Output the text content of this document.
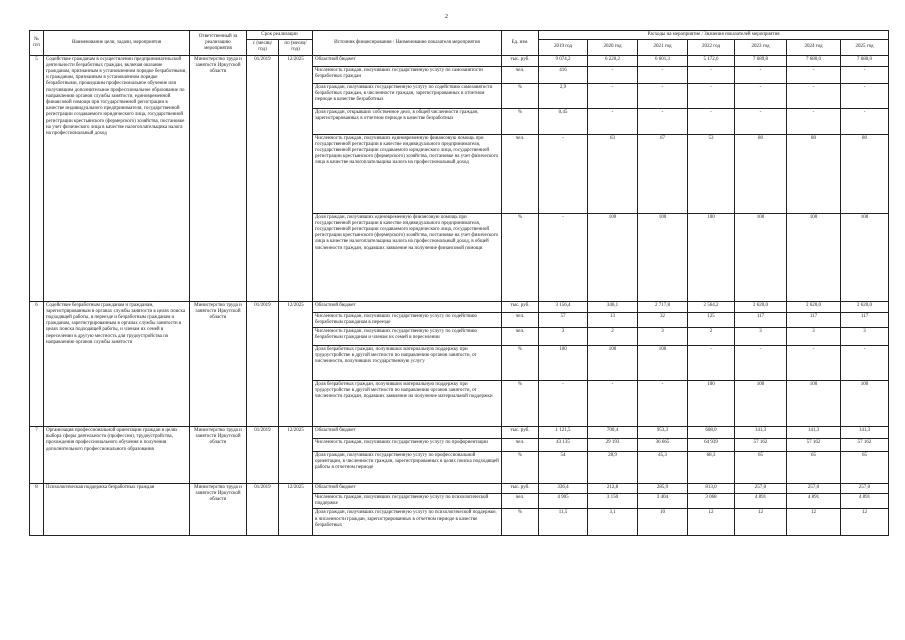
2
№ п/п	Наименование цели, задачи, мероприятия	Ответственный за реализацию мероприятия	Срок реализации		Источник финансирования / Наименование показателя мероприятия	Ед. изм.	Расходы на мероприятие / Значения показателей мероприятия						
			с (месяц/ год)	по (месяц/ год)			2019 год	2020 год	2021 год	2022 год	2023 год	2024 год	2025 год
5	Содействие гражданам в осуществлении предпринимательской деятельности безработных граждан, включая оказание гражданам, признанным в установленном порядке безработными, и гражданам, признанным в установленном порядке безработными, прошедшим профессиональное обучение или получившим дополнительное профессиональное образование по направлению органов службы занятости, единовременной финансовой помощи при государственной регистрации в качестве индивидуального предпринимателя, государственной регистрации создаваемого юридического лица, государственной регистрации крестьянского (фермерского) хозяйства, постановке на учет физического лица в качестве налогоплательщика налога на профессиональный доход	Министерство труда и занятости Иркутской области	01/2019	12/2025	Областной бюджет	тыс. руб.	9 074,2	6 220,2	6 601,3	5 172,6	7 689,8	7 680,0	7 680,0
					Численность граждан, получивших государственную услугу по самозанятости безработных граждан	чел.	416	-	-	-	-	-	-
					Доля граждан, получивших государственную услугу по содействию самозанятости безработных граждан, в численности граждан, зарегистрированных в отчетном периоде в качестве безработных	%	2,9	-	-	-	-	-	-
					Доля граждан, открывших собственное дело, в общей численности граждан, зарегистрированных в отчетном периоде в качестве безработных	%	0,45	-	-	-	-	-	-
					Численность граждан, получивших единовременную финансовую помощь при государственной регистрации в качестве индивидуального предпринимателя, государственной регистрации создаваемого юридического лица, государственной регистрации крестьянского (фермерского) хозяйства, постановке на учет физического лица в качестве налогоплательщика налога на профессиональный доход	чел.	-	63	67	53	80	80	80
					Доля граждан, получивших единовременную финансовую помощь при государственной регистрации в качестве индивидуального предпринимателя, государственной регистрации создаваемого юридического лица, государственной регистрации крестьянского (фермерского) хозяйства, постановке на учет физического лица в качестве налогоплательщика налога на профессиональный доход, в общей численности граждан, подавших заявление на получение финансовой помощи	%	-	100	100	100	100	100	100
6	Содействие безработным гражданам и гражданам, зарегистрированным в органах службы занятости в целях поиска подходящей работы, в переезде и безработным гражданам и гражданам, зарегистрированным в органах службы занятости в целях поиска подходящей работы, и членам их семей в переселении в другую местность для трудоустройства по направлению органов службы занятости	Министерство труда и занятости Иркутской области	01/2019	12/2025	Областной бюджет	тыс. руб.	3 156,4	346,1	2 717,8	2 564,2	2 620,0	2 620,0	2 620,0
					Численность граждан, получивших государственную услугу по содействию безработным гражданам в переезде	чел.	57	13	32	125	117	117	117
					Численность граждан, получивших государственную услугу по содействию безработным гражданам и членам их семей в переселении	чел.	3	2	3	2	3	3	3
					Доля безработных граждан, получивших материальную поддержку при трудоустройстве в другой местности по направлению органов занятости, от численности, получивших государственную услугу	%	100	100	100	-	-	-	-
					Доля безработных граждан, получивших материальную поддержку при трудоустройстве в другой местности по направлению органов занятости, от численности граждан, подавших заявление на получение материальной поддержки	%	-	-	-	100	100	100	100
7	Организация профессиональной ориентации граждан в целях выбора сферы деятельности (профессии), трудоустройства, прохождения профессионального обучения и получения дополнительного профессионального образования	Министерство труда и занятости Иркутской области	01/2019	12/2025	Областной бюджет	тыс. руб.	1 121,5	700,4	953,3	608,0	141,3	141,3	141,3
					Численность граждан, получивших государственную услугу по профориентации	чел.	43 135	29 193	36 665	64 939	57 162	57 162	57 162
					Доля граждан, получивших государственную услугу по профессиональной ориентации, в численности граждан, зарегистрированных в целях поиска подходящей работы в отчетном периоде	%	54	28,9	45,3	68,3	65	65	65
8	Психологическая поддержка безработных граждан	Министерство труда и занятости Иркутской области	01/2019	12/2025	Областной бюджет	тыс. руб.	336,4	212,8	285,9	813,0	257,0	257,0	257,0
					Численность граждан, получивших государственную услугу по психологической поддержке	чел.	4 905	3 150	3 404	3 068	4 891	4 891	4 891
					Доля граждан, получивших государственную услугу по психологической поддержке, в численности граждан, зарегистрированных в отчетном периоде в качестве безработных	%	11,5	3,1	10	12	12	12	12
